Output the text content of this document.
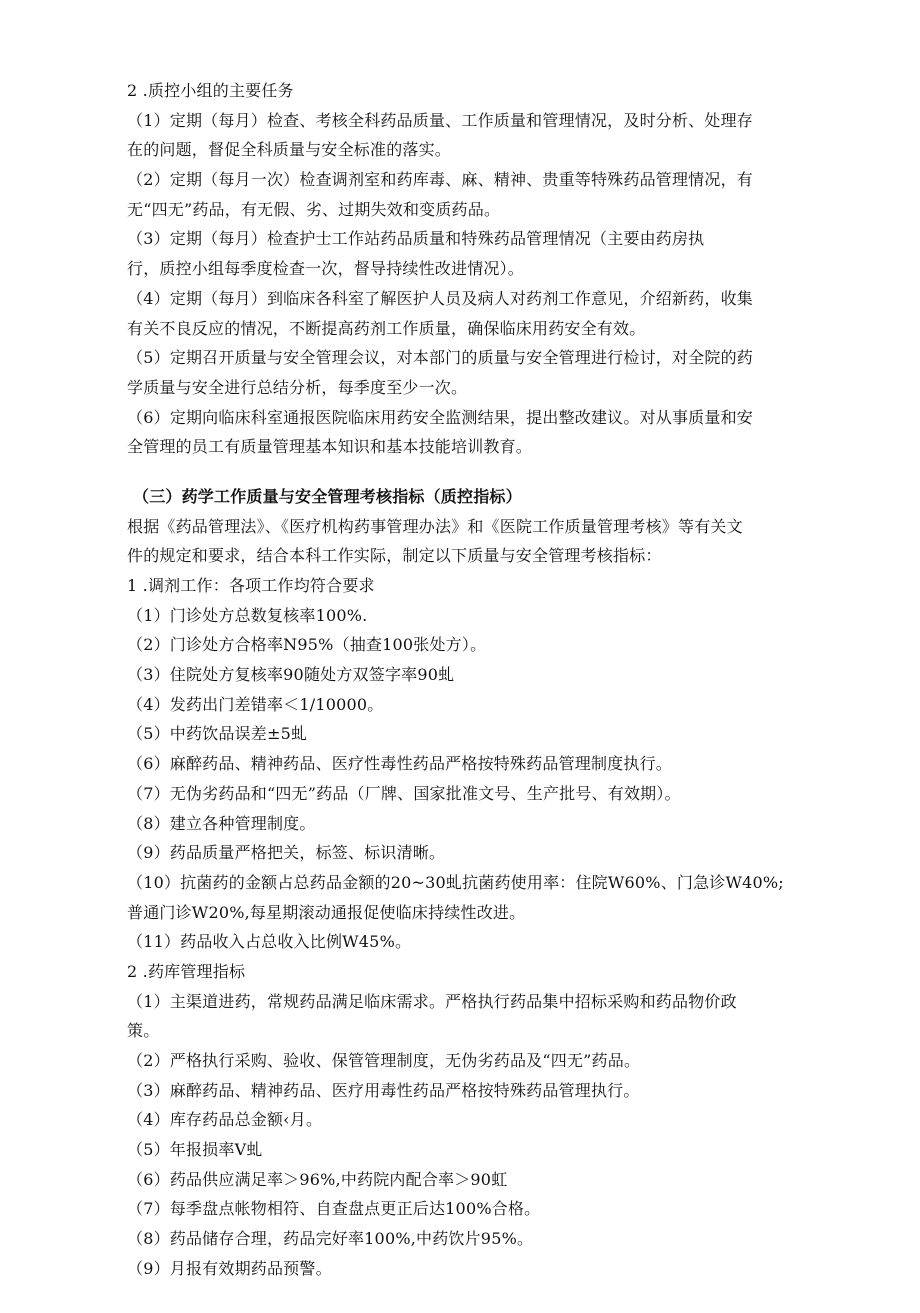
2 .质控小组的主要任务
（1）定期（每月）检查、考核全科药品质量、工作质量和管理情况，及时分析、处理存
在的问题，督促全科质量与安全标准的落实。
（2）定期（每月一次）检查调剂室和药库毒、麻、精神、贵重等特殊药品管理情况，有
无“四无”药品，有无假、劣、过期失效和变质药品。
（3）定期（每月）检查护士工作站药品质量和特殊药品管理情况（主要由药房执
行，质控小组每季度检查一次，督导持续性改进情况）。
（4）定期（每月）到临床各科室了解医护人员及病人对药剂工作意见，介绍新药，收集
有关不良反应的情况，不断提高药剂工作质量，确保临床用药安全有效。
（5）定期召开质量与安全管理会议，对本部门的质量与安全管理进行检讨，对全院的药
学质量与安全进行总结分析，每季度至少一次。
（6）定期向临床科室通报医院临床用药安全监测结果，提出整改建议。对从事质量和安
全管理的员工有质量管理基本知识和基本技能培训教育。
（三）药学工作质量与安全管理考核指标（质控指标）
根据《药品管理法》、《医疗机构药事管理办法》和《医院工作质量管理考核》等有关文
件的规定和要求，结合本科工作实际，制定以下质量与安全管理考核指标：
1 .调剂工作：各项工作均符合要求
（1）门诊处方总数复核率100%.
（2）门诊处方合格率N95%（抽查100张处方）。
（3）住院处方复核率90随处方双签字率90虬
（4）发药出门差错率＜1/10000。
（5）中药饮品误差±5虬
（6）麻醉药品、精神药品、医疗性毒性药品严格按特殊药品管理制度执行。
（7）无伪劣药品和“四无”药品（厂牌、国家批准文号、生产批号、有效期）。
（8）建立各种管理制度。
（9）药品质量严格把关，标签、标识清晰。
（10）抗菌药的金额占总药品金额的20~30虬抗菌药使用率：住院W60%、门急诊W40%;
普通门诊W20%,每星期滚动通报促使临床持续性改进。
（11）药品收入占总收入比例W45%。
2 .药库管理指标
（1）主渠道进药，常规药品满足临床需求。严格执行药品集中招标采购和药品物价政
策。
（2）严格执行采购、验收、保管管理制度，无伪劣药品及“四无”药品。
（3）麻醉药品、精神药品、医疗用毒性药品严格按特殊药品管理执行。
（4）库存药品总金额‹月。
（5）年报损率V虬
（6）药品供应满足率＞96%,中药院内配合率＞90虹
（7）每季盘点帐物相符、自查盘点更正后达100%合格。
（8）药品储存合理，药品完好率100%,中药饮片95%。
（9）月报有效期药品预警。
